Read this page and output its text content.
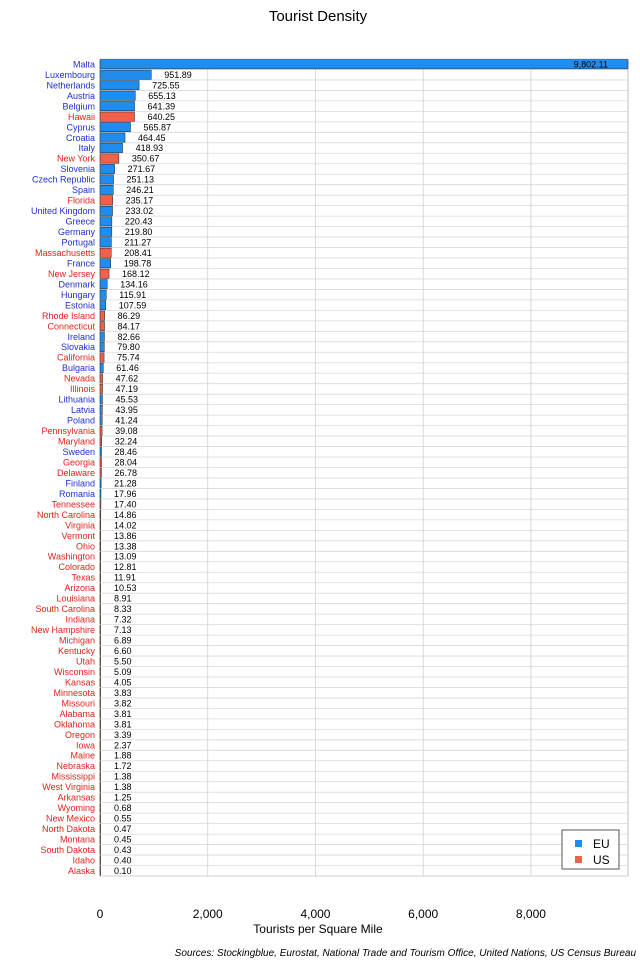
Tourist Density
Malta
Luxembourg
Netherlands
Austria
Belgium
Hawaii
Cyprus
Croatia
Italy
New York
Slovenia
Czech Republic
Spain
Florida
United Kingdom
Greece
Germany
Portugal
Massachusetts
France
New Jersey
Denmark
Hungary
Estonia
Rhode Island
Connecticut
Ireland
Slovakia
California
Bulgaria
Nevada
Illinois
Lithuania
Latvia
Poland
Pennsylvania
Maryland
Sweden
Georgia
Delaware
Finland
Romania
Tennessee
North Carolina
Virginia
Vermont
Ohio
Washington
Colorado
Texas
Arizona
Louisiana
South Carolina
Indiana
New Hampshire
Michigan
Kentucky
Utah
Wisconsin
Kansas
Minnesota
Missouri
Alabama
Oklahoma
Oregon
Iowa
Maine
Nebraska
Mississippi
West Virginia
Arkansas
Wyoming
New Mexico
North Dakota
Montana
South Dakota
Idaho
Alaska
9,802.11
951.89
725.55
655.13
641.39
640.25
565.87
464.45
418.93
350.67
271.67
251.13
246.21
235.17
233.02
220.43
219.80
211.27
208.41
198.78
168.12
134.16
115.91
107.59
86.29
84.17
82.66
79.80
75.74
61.46
47.62
47.19
45.53
43.95
41.24
39.08
32.24
28.46
28.04
26.78
21.28
17.96
17.40
14.86
14.02
13.86
13.38
13.09
12.81
11.91
10.53
8.91
8.33
7.32
7.13
6.89
6.60
5.50
5.09
4.05
3.83
3.82
3.81
3.81
3.39
2.37
1.88
1.72
1.38
1.38
1.25
0.68
0.55
0.47
0.45
0.43
0.40
0.10
0	2,000	4,000	6,000	8,000
Tourists per Square Mile
Sources: Stockingblue, Eurostat, National Trade and Tourism Office, United Nations, US Census Bureau
EU
US
